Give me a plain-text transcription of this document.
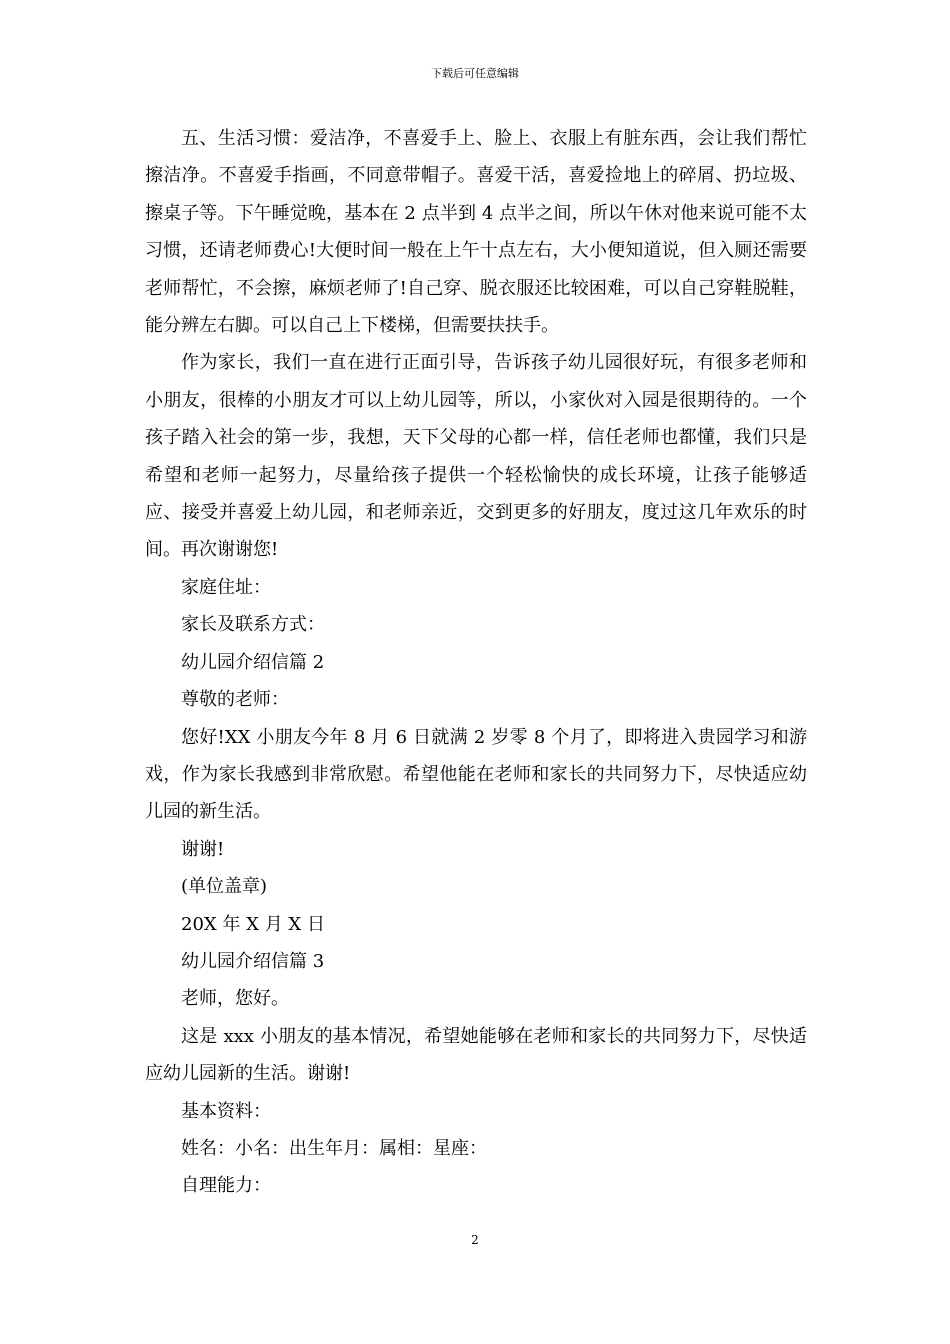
下载后可任意编辑

五、生活习惯：爱洁净，不喜爱手上、脸上、衣服上有脏东西，会让我们帮忙擦洁净。不喜爱手指画，不同意带帽子。喜爱干活，喜爱捡地上的碎屑、扔垃圾、擦桌子等。下午睡觉晚，基本在 2 点半到 4 点半之间，所以午休对他来说可能不太习惯，还请老师费心!大便时间一般在上午十点左右，大小便知道说，但入厕还需要老师帮忙，不会擦，麻烦老师了!自己穿、脱衣服还比较困难，可以自己穿鞋脱鞋，能分辨左右脚。可以自己上下楼梯，但需要扶扶手。

作为家长，我们一直在进行正面引导，告诉孩子幼儿园很好玩，有很多老师和小朋友，很棒的小朋友才可以上幼儿园等，所以，小家伙对入园是很期待的。一个孩子踏入社会的第一步，我想，天下父母的心都一样，信任老师也都懂，我们只是希望和老师一起努力，尽量给孩子提供一个轻松愉快的成长环境，让孩子能够适应、接受并喜爱上幼儿园，和老师亲近，交到更多的好朋友，度过这几年欢乐的时间。再次谢谢您!

家庭住址：

家长及联系方式：

幼儿园介绍信篇 2

尊敬的老师：

您好!XX 小朋友今年 8 月 6 日就满 2 岁零 8 个月了，即将进入贵园学习和游戏，作为家长我感到非常欣慰。希望他能在老师和家长的共同努力下，尽快适应幼儿园的新生活。

谢谢!

(单位盖章)

20X 年 X 月 X 日

幼儿园介绍信篇 3

老师，您好。

这是 xxx 小朋友的基本情况，希望她能够在老师和家长的共同努力下，尽快适应幼儿园新的生活。谢谢!

基本资料：

姓名：小名：出生年月：属相：星座：

自理能力：

2
